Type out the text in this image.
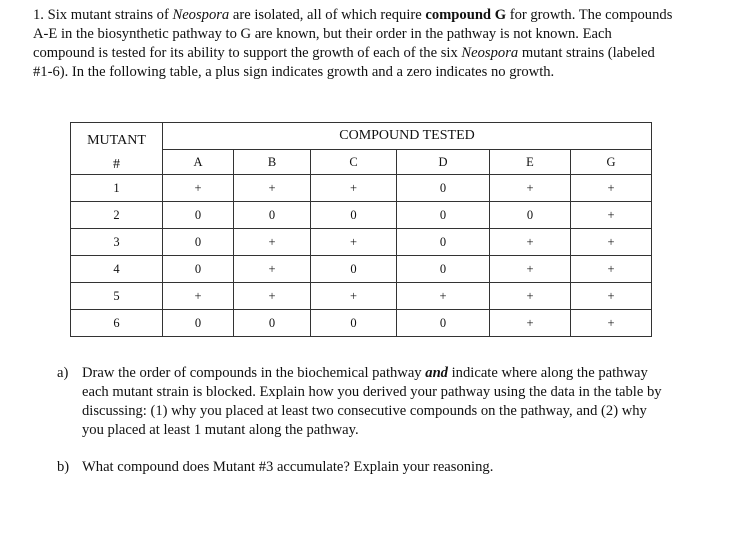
1. Six mutant strains of Neospora are isolated, all of which require compound G for growth. The compounds A-E in the biosynthetic pathway to G are known, but their order in the pathway is not known. Each compound is tested for its ability to support the growth of each of the six Neospora mutant strains (labeled #1-6). In the following table, a plus sign indicates growth and a zero indicates no growth.

MUTANT
#	COMPOUND TESTED					
	A	B	C	D	E	G
1	+	+	+	0	+	+
2	0	0	0	0	0	+
3	0	+	+	0	+	+
4	0	+	0	0	+	+
5	+	+	+	+	+	+
6	0	0	0	0	+	+
a) Draw the order of compounds in the biochemical pathway and indicate where along the pathway each mutant strain is blocked. Explain how you derived your pathway using the data in the table by discussing: (1) why you placed at least two consecutive compounds on the pathway, and (2) why you placed at least 1 mutant along the pathway.
b) What compound does Mutant #3 accumulate? Explain your reasoning.
